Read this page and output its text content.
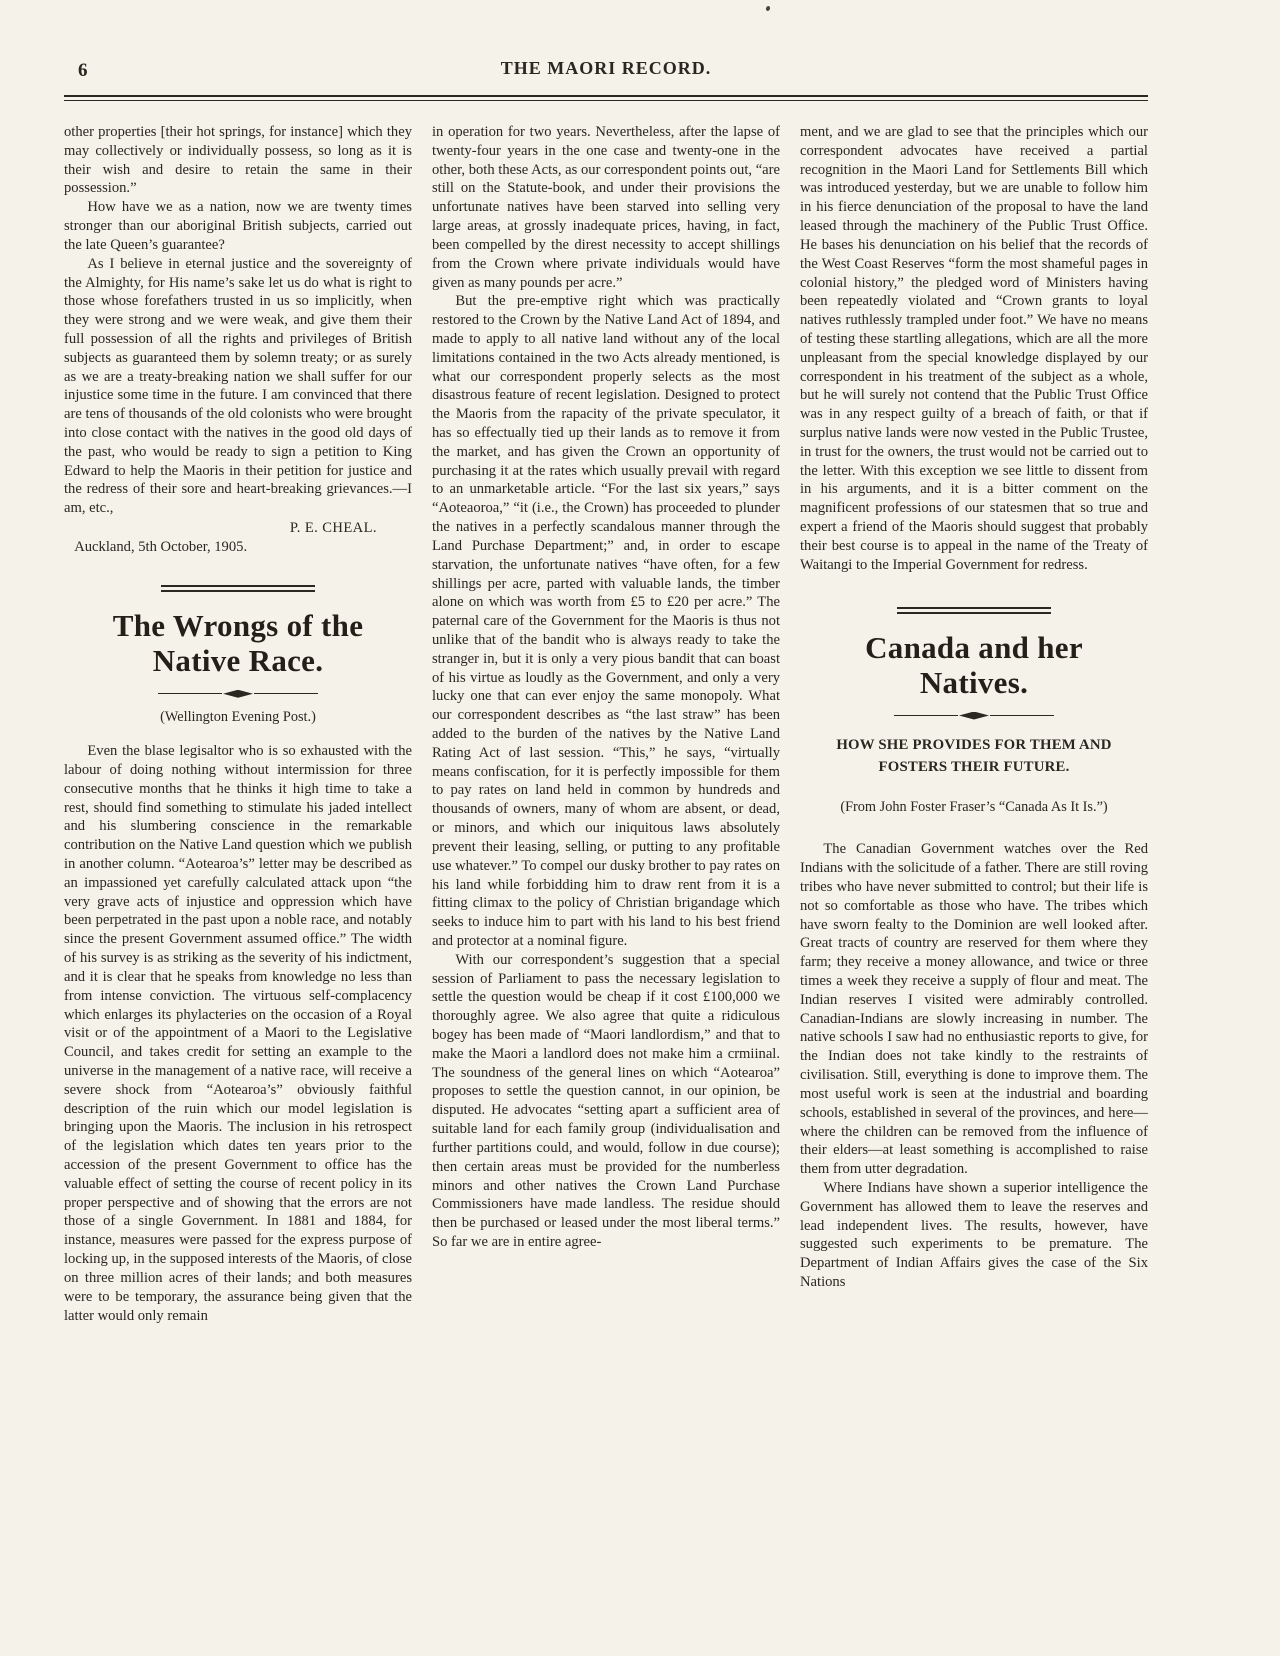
6	THE MAORI RECORD.

other properties [their hot springs, for instance] which they may collectively or individually possess, so long as it is their wish and desire to retain the same in their possession.”

How have we as a nation, now we are twenty times stronger than our aboriginal British subjects, carried out the late Queen’s guarantee?

As I believe in eternal justice and the sovereignty of the Almighty, for His name’s sake let us do what is right to those whose forefathers trusted in us so implicitly, when they were strong and we were weak, and give them their full possession of all the rights and privileges of British subjects as guaranteed them by solemn treaty; or as surely as we are a treaty-breaking nation we shall suffer for our injustice some time in the future. I am convinced that there are tens of thousands of the old colonists who were brought into close contact with the natives in the good old days of the past, who would be ready to sign a petition to King Edward to help the Maoris in their petition for justice and the redress of their sore and heart-breaking grievances.—I am, etc.,

P. E. CHEAL.

Auckland, 5th October, 1905.

The Wrongs of the
Native Race.

(Wellington Evening Post.)

Even the blase legisaltor who is so exhausted with the labour of doing nothing without intermission for three consecutive months that he thinks it high time to take a rest, should find something to stimulate his jaded intellect and his slumbering conscience in the remarkable contribution on the Native Land question which we publish in another column. “Aotearoa’s” letter may be described as an impassioned yet carefully calculated attack upon “the very grave acts of injustice and oppression which have been perpetrated in the past upon a noble race, and notably since the present Government assumed office.” The width of his survey is as striking as the severity of his indictment, and it is clear that he speaks from knowledge no less than from intense conviction. The virtuous self-complacency which enlarges its phylacteries on the occasion of a Royal visit or of the appointment of a Maori to the Legislative Council, and takes credit for setting an example to the universe in the management of a native race, will receive a severe shock from “Aotearoa’s” obviously faithful description of the ruin which our model legislation is bringing upon the Maoris. The inclusion in his retrospect of the legislation which dates ten years prior to the accession of the present Government to office has the valuable effect of setting the course of recent policy in its proper perspective and of showing that the errors are not those of a single Government. In 1881 and 1884, for instance, measures were passed for the express purpose of locking up, in the supposed interests of the Maoris, of close on three million acres of their lands; and both measures were to be temporary, the assurance being given that the latter would only remain

in operation for two years. Nevertheless, after the lapse of twenty-four years in the one case and twenty-one in the other, both these Acts, as our correspondent points out, “are still on the Statute-book, and under their provisions the unfortunate natives have been starved into selling very large areas, at grossly inadequate prices, having, in fact, been compelled by the direst necessity to accept shillings from the Crown where private individuals would have given as many pounds per acre.”

But the pre-emptive right which was practically restored to the Crown by the Native Land Act of 1894, and made to apply to all native land without any of the local limitations contained in the two Acts already mentioned, is what our correspondent properly selects as the most disastrous feature of recent legislation. Designed to protect the Maoris from the rapacity of the private speculator, it has so effectually tied up their lands as to remove it from the market, and has given the Crown an opportunity of purchasing it at the rates which usually prevail with regard to an unmarketable article. “For the last six years,” says “Aoteaoroa,” “it (i.e., the Crown) has proceeded to plunder the natives in a perfectly scandalous manner through the Land Purchase Department;” and, in order to escape starvation, the unfortunate natives “have often, for a few shillings per acre, parted with valuable lands, the timber alone on which was worth from £5 to £20 per acre.” The paternal care of the Government for the Maoris is thus not unlike that of the bandit who is always ready to take the stranger in, but it is only a very pious bandit that can boast of his virtue as loudly as the Government, and only a very lucky one that can ever enjoy the same monopoly. What our correspondent describes as “the last straw” has been added to the burden of the natives by the Native Land Rating Act of last session. “This,” he says, “virtually means confiscation, for it is perfectly impossible for them to pay rates on land held in common by hundreds and thousands of owners, many of whom are absent, or dead, or minors, and which our iniquitous laws absolutely prevent their leasing, selling, or putting to any profitable use whatever.” To compel our dusky brother to pay rates on his land while forbidding him to draw rent from it is a fitting climax to the policy of Christian brigandage which seeks to induce him to part with his land to his best friend and protector at a nominal figure.

With our correspondent’s suggestion that a special session of Parliament to pass the necessary legislation to settle the question would be cheap if it cost £100,000 we thoroughly agree. We also agree that quite a ridiculous bogey has been made of “Maori landlordism,” and that to make the Maori a landlord does not make him a crmiinal. The soundness of the general lines on which “Aotearoa” proposes to settle the question cannot, in our opinion, be disputed. He advocates “setting apart a sufficient area of suitable land for each family group (individualisation and further partitions could, and would, follow in due course); then certain areas must be provided for the numberless minors and other natives the Crown Land Purchase Commissioners have made landless. The residue should then be purchased or leased under the most liberal terms.” So far we are in entire agree-

ment, and we are glad to see that the principles which our correspondent advocates have received a partial recognition in the Maori Land for Settlements Bill which was introduced yesterday, but we are unable to follow him in his fierce denunciation of the proposal to have the land leased through the machinery of the Public Trust Office. He bases his denunciation on his belief that the records of the West Coast Reserves “form the most shameful pages in colonial history,” the pledged word of Ministers having been repeatedly violated and “Crown grants to loyal natives ruthlessly trampled under foot.” We have no means of testing these startling allegations, which are all the more unpleasant from the special knowledge displayed by our correspondent in his treatment of the subject as a whole, but he will surely not contend that the Public Trust Office was in any respect guilty of a breach of faith, or that if surplus native lands were now vested in the Public Trustee, in trust for the owners, the trust would not be carried out to the letter. With this exception we see little to dissent from in his arguments, and it is a bitter comment on the magnificent professions of our statesmen that so true and expert a friend of the Maoris should suggest that probably their best course is to appeal in the name of the Treaty of Waitangi to the Imperial Government for redress.

Canada and her
Natives.

HOW SHE PROVIDES FOR THEM AND FOSTERS THEIR FUTURE.

(From John Foster Fraser’s “Canada As It Is.”)

The Canadian Government watches over the Red Indians with the solicitude of a father. There are still roving tribes who have never submitted to control; but their life is not so comfortable as those who have. The tribes which have sworn fealty to the Dominion are well looked after. Great tracts of country are reserved for them where they farm; they receive a money allowance, and twice or three times a week they receive a supply of flour and meat. The Indian reserves I visited were admirably controlled. Canadian-Indians are slowly increasing in number. The native schools I saw had no enthusiastic reports to give, for the Indian does not take kindly to the restraints of civilisation. Still, everything is done to improve them. The most useful work is seen at the industrial and boarding schools, established in several of the provinces, and here—where the children can be removed from the influence of their elders—at least something is accomplished to raise them from utter degradation.

Where Indians have shown a superior intelligence the Government has allowed them to leave the reserves and lead independent lives. The results, however, have suggested such experiments to be premature. The Department of Indian Affairs gives the case of the Six Nations
